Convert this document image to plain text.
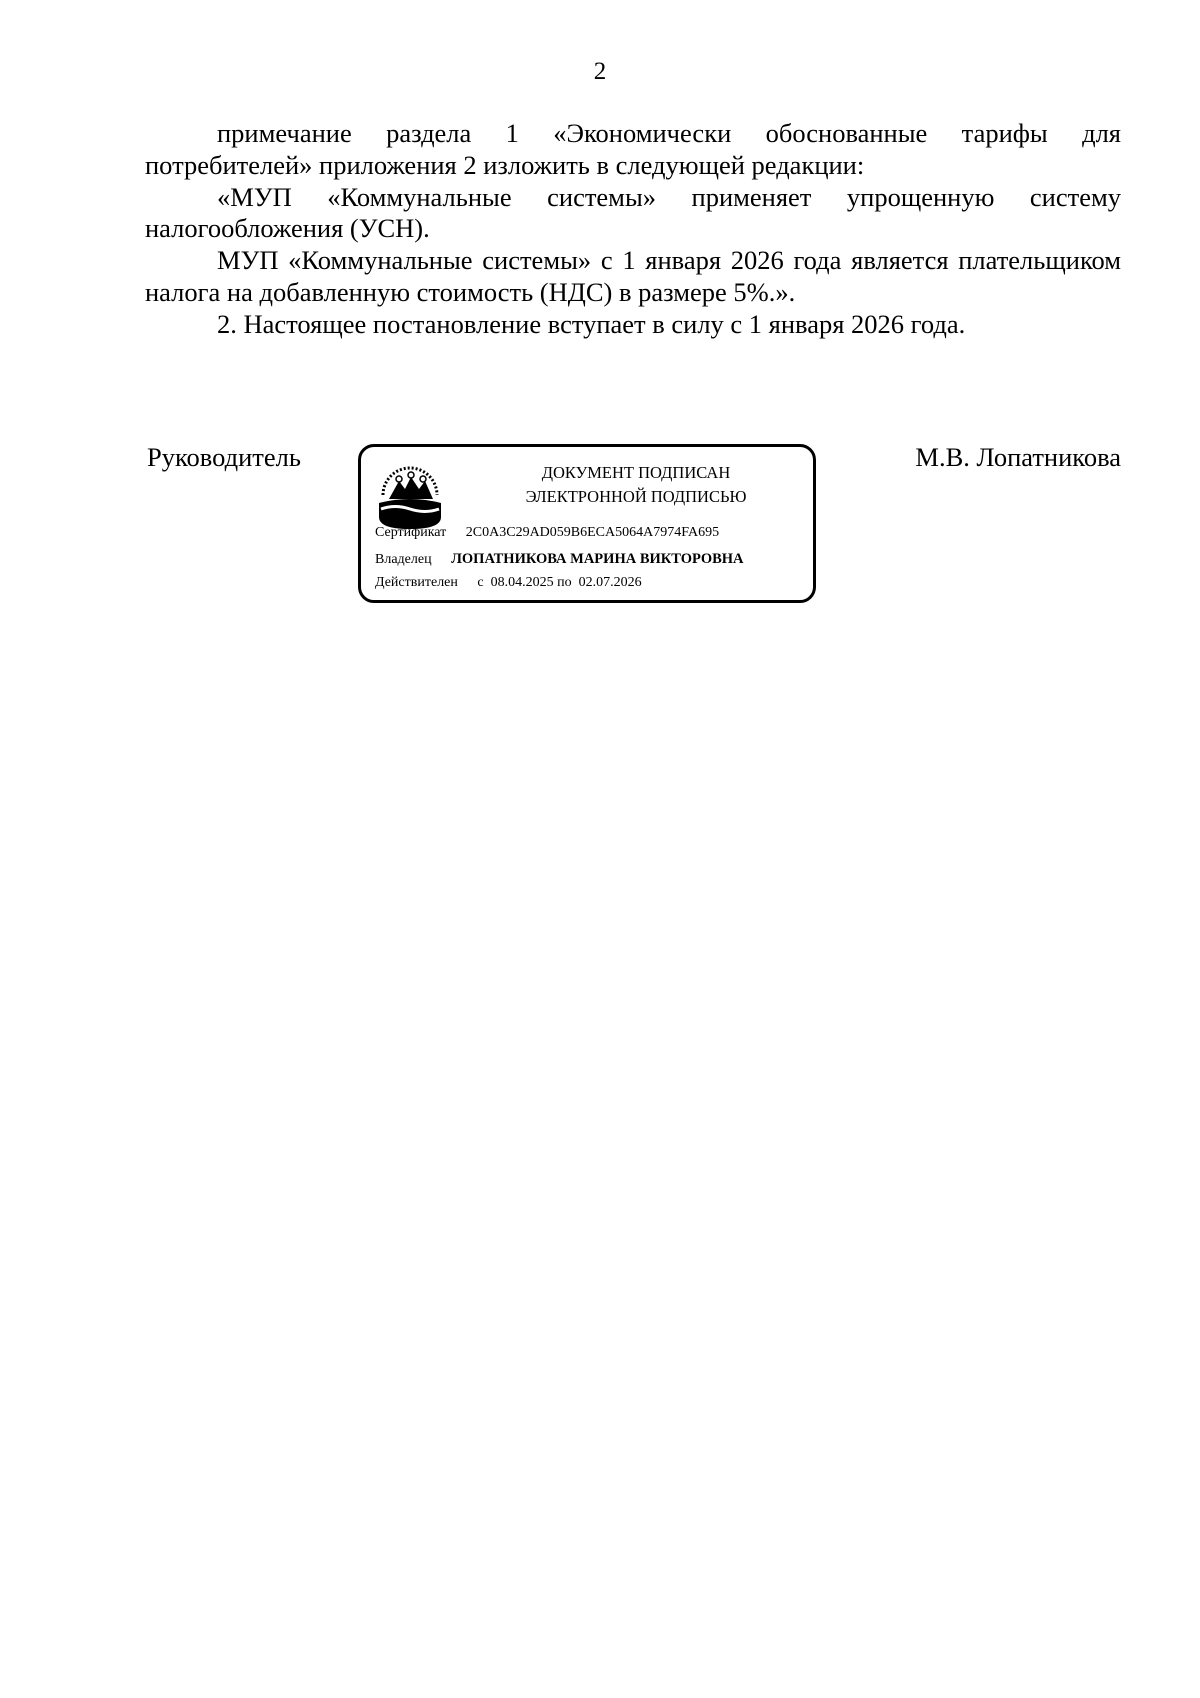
2

примечание раздела 1 «Экономически обоснованные тарифы для потребителей» приложения 2 изложить в следующей редакции:

«МУП «Коммунальные системы» применяет упрощенную систему налогообложения (УСН).

МУП «Коммунальные системы» с 1 января 2026 года является плательщиком налога на добавленную стоимость (НДС) в размере 5%.».

2. Настоящее постановление вступает в силу с 1 января 2026 года.

Руководитель	М.В. Лопатникова
ДОКУМЕНТ ПОДПИСАН
ЭЛЕКТРОННОЙ ПОДПИСЬЮ
Сертификат 2C0A3C29AD059B6ECA5064A7974FA695
Владелец ЛОПАТНИКОВА МАРИНА ВИКТОРОВНА
Действителен с  08.04.2025 по  02.07.2026
